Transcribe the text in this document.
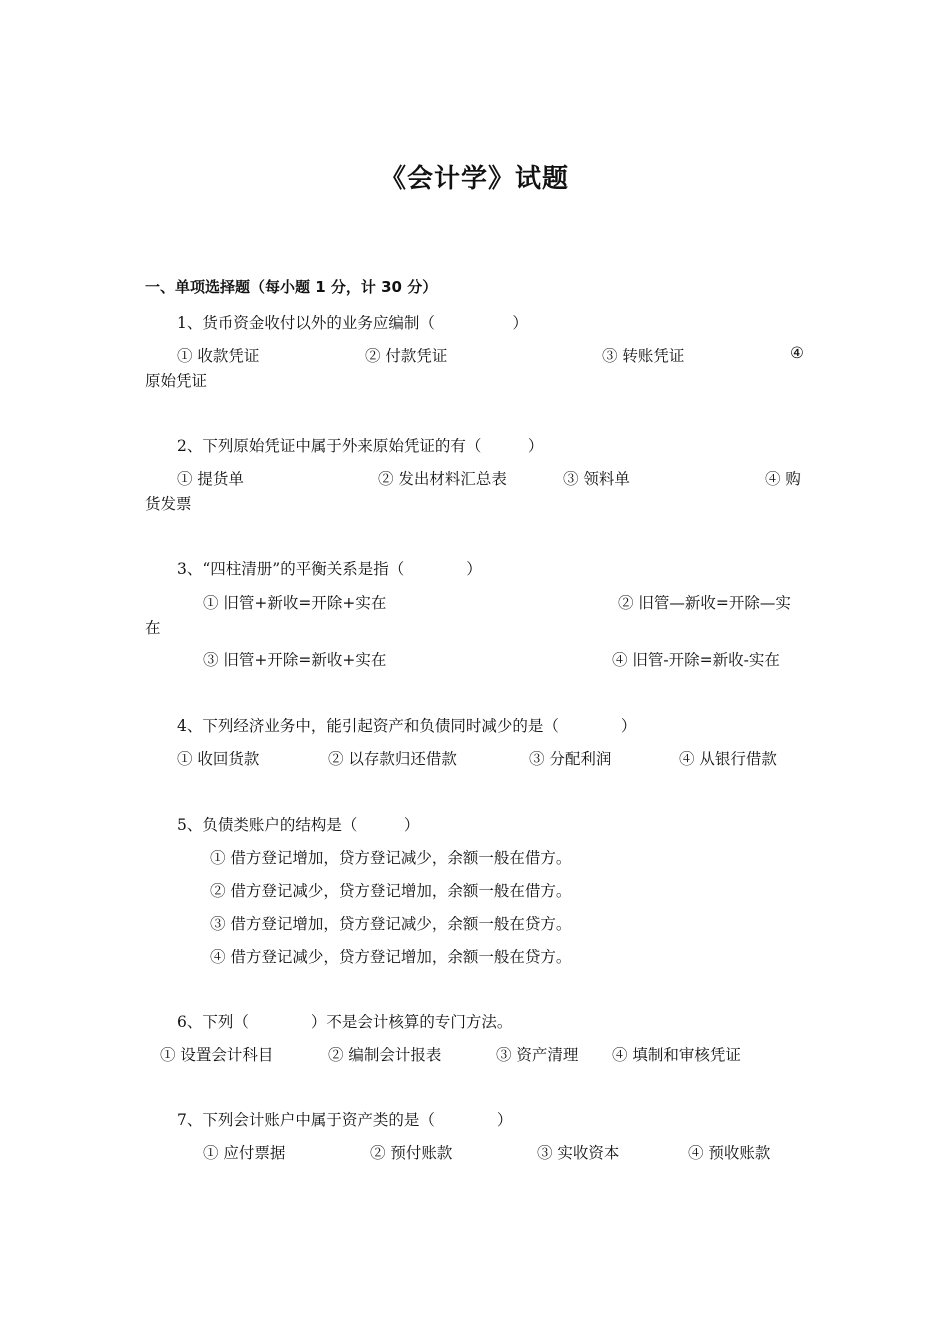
《会计学》试题
一、单项选择题（每小题 1 分，计 30 分）
1、货币资金收付以外的业务应编制（　　　　　）
① 收款凭证	② 付款凭证	③ 转账凭证	④
原始凭证
2、下列原始凭证中属于外来原始凭证的有（　　　）
① 提货单	② 发出材料汇总表	③ 领料单	④ 购
货发票
3、“四柱清册”的平衡关系是指（　　　　）
① 旧管+新收=开除+实在	② 旧管—新收=开除—实
在
③ 旧管+开除=新收+实在	④ 旧管-开除=新收-实在
4、下列经济业务中，能引起资产和负债同时减少的是（　　　　）
① 收回货款	② 以存款归还借款	③ 分配利润	④ 从银行借款
5、负债类账户的结构是（　　　）
① 借方登记增加，贷方登记减少，余额一般在借方。
② 借方登记减少，贷方登记增加，余额一般在借方。
③ 借方登记增加，贷方登记减少，余额一般在贷方。
④ 借方登记减少，贷方登记增加，余额一般在贷方。
6、下列（　　　　）不是会计核算的专门方法。
① 设置会计科目	② 编制会计报表	③ 资产清理 ④ 填制和审核凭证
7、下列会计账户中属于资产类的是（　　　　）
① 应付票据	② 预付账款	③ 实收资本	④ 预收账款
